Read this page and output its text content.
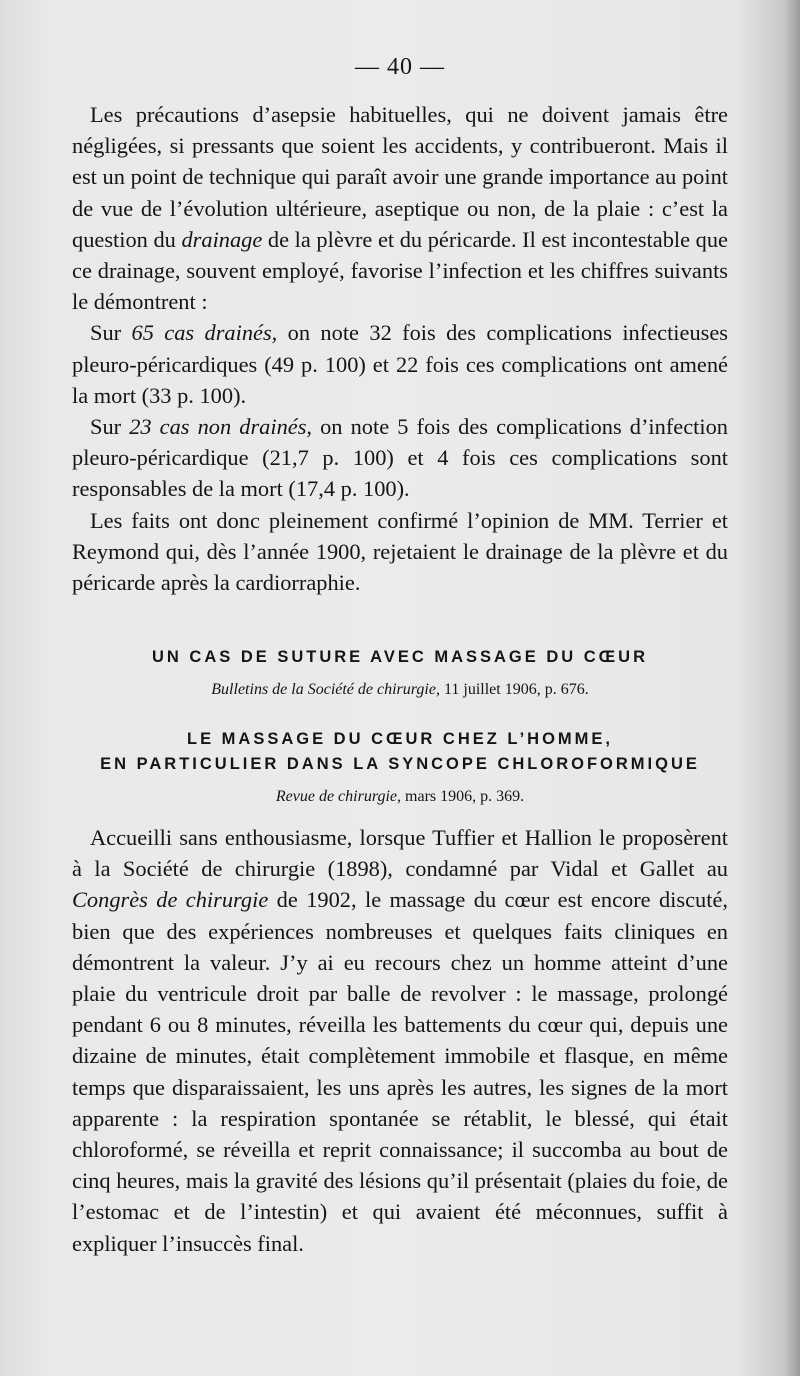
— 40 —

Les précautions d’asepsie habituelles, qui ne doivent jamais être négligées, si pressants que soient les accidents, y contribueront. Mais il est un point de technique qui paraît avoir une grande importance au point de vue de l’évolution ultérieure, aseptique ou non, de la plaie : c’est la question du drainage de la plèvre et du péricarde. Il est incontestable que ce drainage, souvent employé, favorise l’infection et les chiffres suivants le démontrent :

Sur 65 cas drainés, on note 32 fois des complications infectieuses pleuro-péricardiques (49 p. 100) et 22 fois ces complications ont amené la mort (33 p. 100).

Sur 23 cas non drainés, on note 5 fois des complications d’infection pleuro-péricardique (21,7 p. 100) et 4 fois ces complications sont responsables de la mort (17,4 p. 100).

Les faits ont donc pleinement confirmé l’opinion de MM. Terrier et Reymond qui, dès l’année 1900, rejetaient le drainage de la plèvre et du péricarde après la cardiorraphie.

UN CAS DE SUTURE AVEC MASSAGE DU CŒUR
Bulletins de la Société de chirurgie, 11 juillet 1906, p. 676.
LE MASSAGE DU CŒUR CHEZ L’HOMME,
EN PARTICULIER DANS LA SYNCOPE CHLOROFORMIQUE
Revue de chirurgie, mars 1906, p. 369.

Accueilli sans enthousiasme, lorsque Tuffier et Hallion le proposèrent à la Société de chirurgie (1898), condamné par Vidal et Gallet au Congrès de chirurgie de 1902, le massage du cœur est encore discuté, bien que des expériences nombreuses et quelques faits cliniques en démontrent la valeur. J’y ai eu recours chez un homme atteint d’une plaie du ventricule droit par balle de revolver : le massage, prolongé pendant 6 ou 8 minutes, réveilla les battements du cœur qui, depuis une dizaine de minutes, était complètement immobile et flasque, en même temps que disparaissaient, les uns après les autres, les signes de la mort apparente : la respiration spontanée se rétablit, le blessé, qui était chloroformé, se réveilla et reprit connaissance; il succomba au bout de cinq heures, mais la gravité des lésions qu’il présentait (plaies du foie, de l’estomac et de l’intestin) et qui avaient été méconnues, suffit à expliquer l’insuccès final.
